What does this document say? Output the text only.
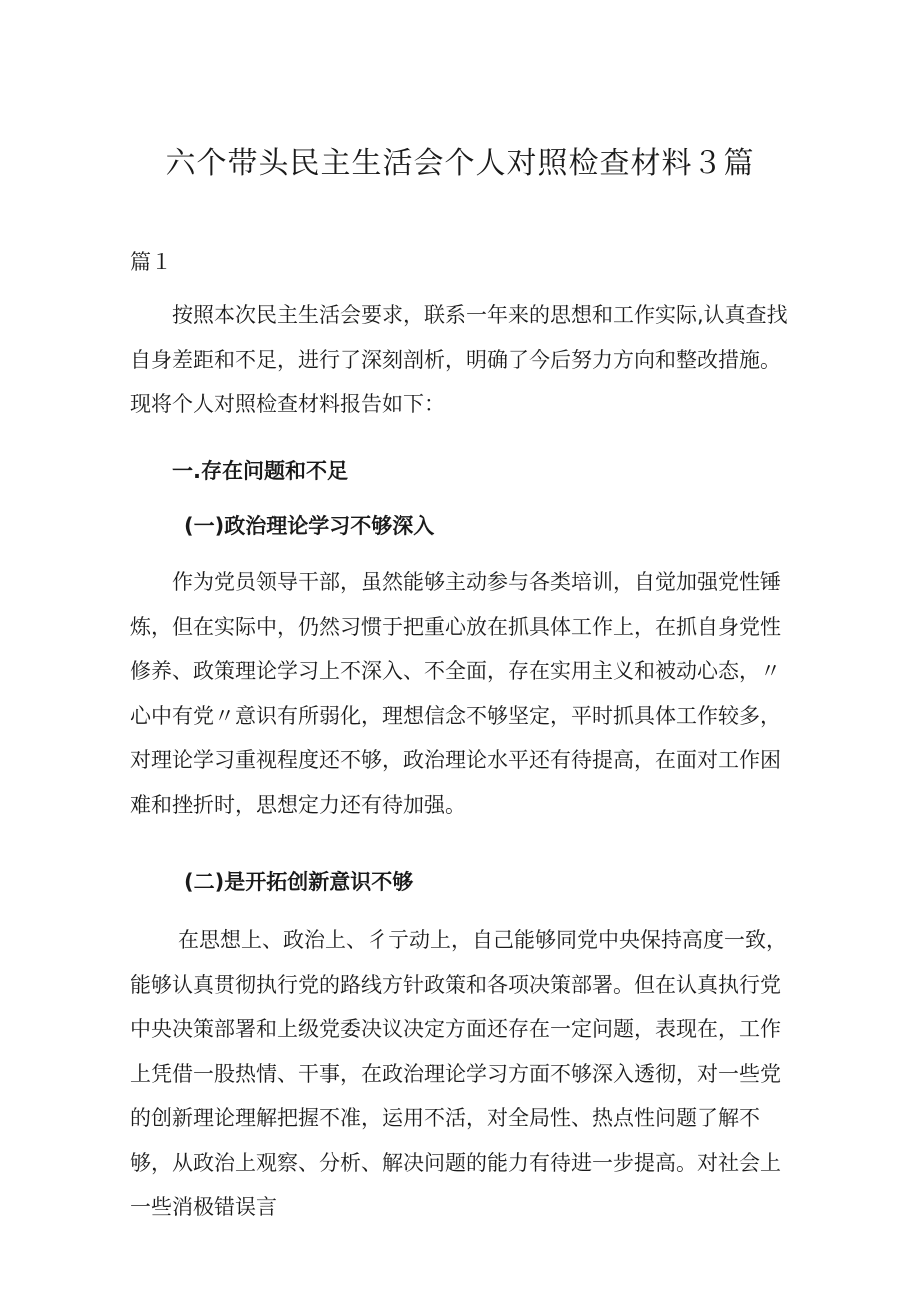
六个带头民主生活会个人对照检查材料３篇

篇１

按照本次民主生活会要求，联系一年来的思想和工作实际,认真查找自身差距和不足，进行了深刻剖析，明确了今后努力方向和整改措施。现将个人对照检查材料报告如下：

一.存在问题和不足

(一)政治理论学习不够深入

作为党员领导干部，虽然能够主动参与各类培训，自觉加强党性锤炼，但在实际中，仍然习惯于把重心放在抓具体工作上，在抓自身党性修养、政策理论学习上不深入、不全面，存在实用主义和被动心态，〃心中有党〃意识有所弱化，理想信念不够坚定，平时抓具体工作较多，对理论学习重视程度还不够，政治理论水平还有待提高，在面对工作困难和挫折时，思想定力还有待加强。

(二)是开拓创新意识不够

在思想上、政治上、彳亍动上，自己能够同党中央保持高度一致，能够认真贯彻执行党的路线方针政策和各项决策部署。但在认真执行党中央决策部署和上级党委决议决定方面还存在一定问题，表现在，工作上凭借一股热情、干事，在政治理论学习方面不够深入透彻，对一些党的创新理论理解把握不准，运用不活，对全局性、热点性问题了解不够，从政治上观察、分析、解决问题的能力有待进一步提高。对社会上一些消极错误言
